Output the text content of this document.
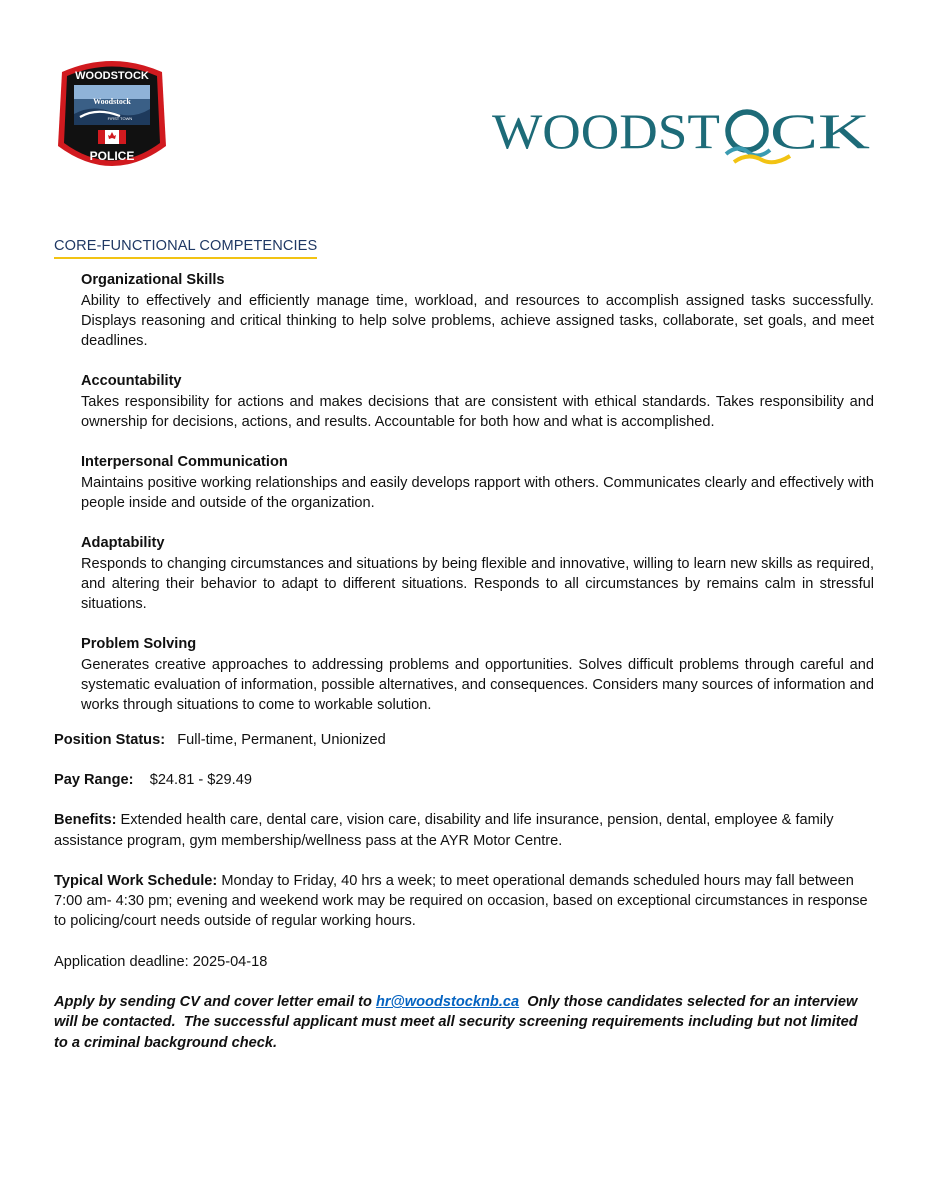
WOODSTOCK
Woodstock
FIRST TOWN
POLICE	WOODST CK
CORE-FUNCTIONAL COMPETENCIES
Organizational Skills
Ability to effectively and efficiently manage time, workload, and resources to accomplish assigned tasks successfully. Displays reasoning and critical thinking to help solve problems, achieve assigned tasks, collaborate, set goals, and meet deadlines.
Accountability
Takes responsibility for actions and makes decisions that are consistent with ethical standards. Takes responsibility and ownership for decisions, actions, and results. Accountable for both how and what is accomplished.
Interpersonal Communication
Maintains positive working relationships and easily develops rapport with others. Communicates clearly and effectively with people inside and outside of the organization.
Adaptability
Responds to changing circumstances and situations by being flexible and innovative, willing to learn new skills as required, and altering their behavior to adapt to different situations. Responds to all circumstances by remains calm in stressful situations.
Problem Solving
Generates creative approaches to addressing problems and opportunities. Solves difficult problems through careful and systematic evaluation of information, possible alternatives, and consequences. Considers many sources of information and works through situations to come to workable solution.
Position Status: Full-time, Permanent, Unionized
Pay Range: $24.81 - $29.49
Benefits: Extended health care, dental care, vision care, disability and life insurance, pension, dental, employee & family assistance program, gym membership/wellness pass at the AYR Motor Centre.
Typical Work Schedule: Monday to Friday, 40 hrs a week; to meet operational demands scheduled hours may fall between 7:00 am- 4:30 pm; evening and weekend work may be required on occasion, based on exceptional circumstances in response to policing/court needs outside of regular working hours.
Application deadline: 2025-04-18
Apply by sending CV and cover letter email to hr@woodstocknb.ca  Only those candidates selected for an interview will be contacted.  The successful applicant must meet all security screening requirements including but not limited to a criminal background check.
